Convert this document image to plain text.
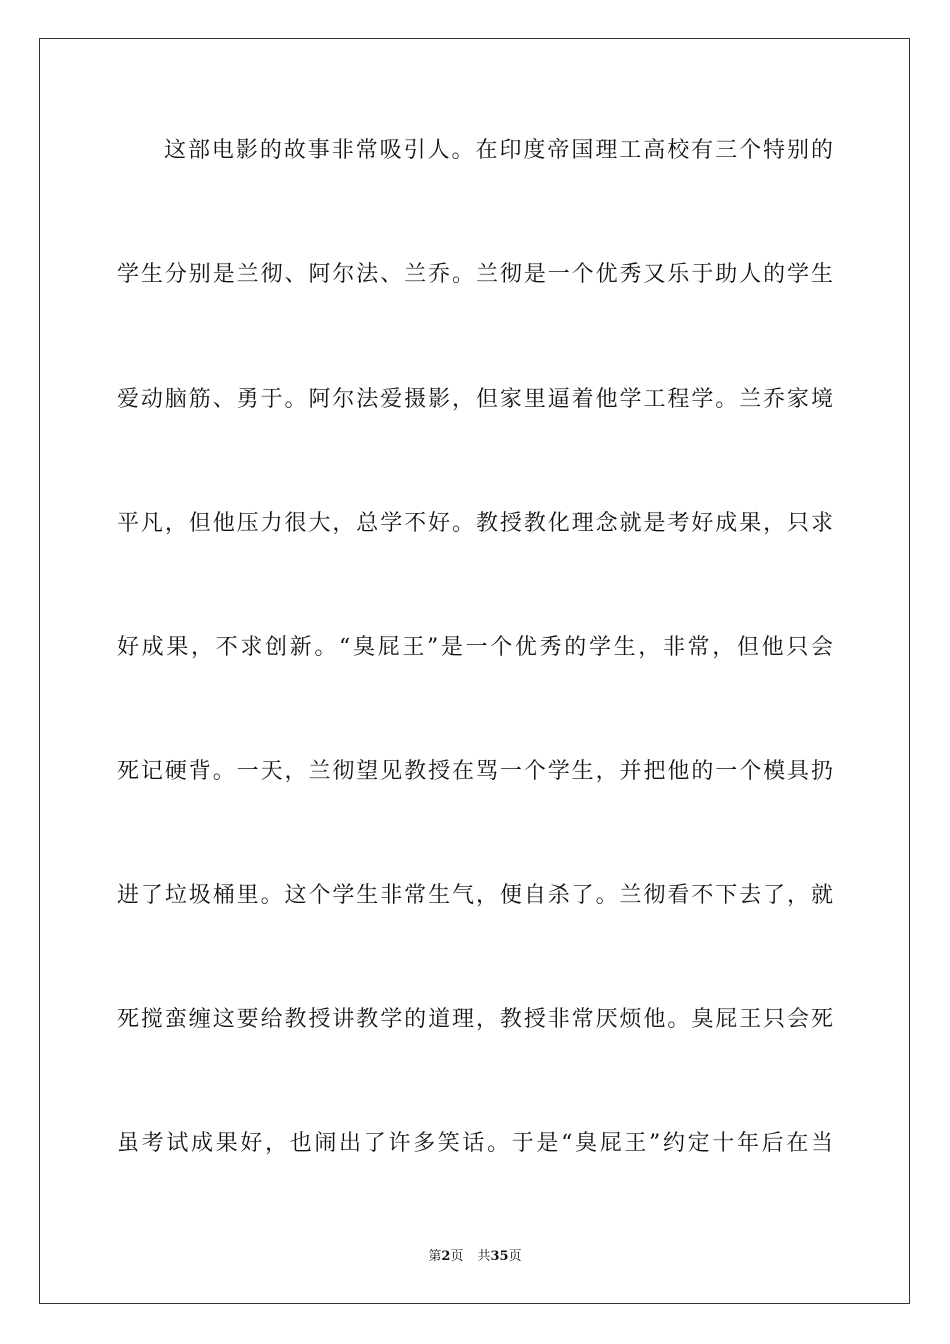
这部电影的故事非常吸引人。在印度帝国理工高校有三个特别的
学生分别是兰彻、阿尔法、兰乔。兰彻是一个优秀又乐于助人的学生
爱动脑筋、勇于。阿尔法爱摄影，但家里逼着他学工程学。兰乔家境
平凡，但他压力很大，总学不好。教授教化理念就是考好成果，只求
好成果，不求创新。“臭屁王”是一个优秀的学生，非常，但他只会
死记硬背。一天，兰彻望见教授在骂一个学生，并把他的一个模具扔
进了垃圾桶里。这个学生非常生气，便自杀了。兰彻看不下去了，就
死搅蛮缠这要给教授讲教学的道理，教授非常厌烦他。臭屁王只会死
虽考试成果好，也闹出了许多笑话。于是“臭屁王”约定十年后在当
第2页 共35页
